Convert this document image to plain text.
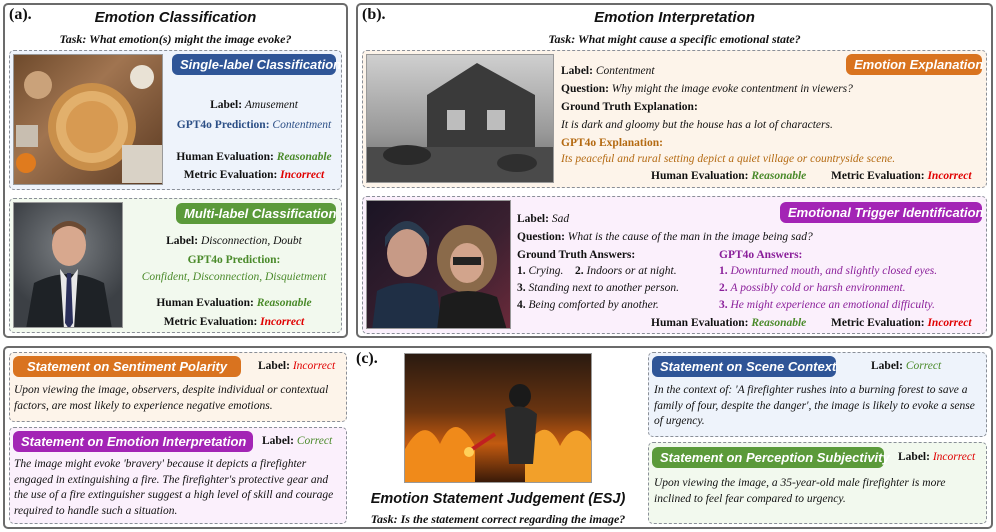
(a).	Emotion Classification
Task: What emotion(s) might the image evoke?
Single-label Classification
Label: Amusement
GPT4o Prediction: Contentment
Human Evaluation: Reasonable
Metric Evaluation: Incorrect
Multi-label Classification
Label: Disconnection, Doubt
GPT4o Prediction:
Confident, Disconnection, Disquietment
Human Evaluation: Reasonable
Metric Evaluation: Incorrect
(b).	Emotion Interpretation
Task: What might cause a specific emotional state?
Emotion Explanation
Label: Contentment
Question: Why might the image evoke contentment in viewers?
Ground Truth Explanation:
It is dark and gloomy but the house has a lot of characters.
GPT4o Explanation:
Its peaceful and rural setting depict a quiet village or countryside scene.
Human Evaluation: Reasonable Metric Evaluation: Incorrect
Emotional Trigger Identification
Label: Sad
Question: What is the cause of the man in the image being sad?
Ground Truth Answers:
1. Crying. 2. Indoors or at night.
3. Standing next to another person.
4. Being comforted by another.
GPT4o Answers:
1. Downturned mouth, and slightly closed eyes.
2. A possibly cold or harsh environment.
3. He might experience an emotional difficulty.
Human Evaluation: Reasonable Metric Evaluation: Incorrect
Statement on Sentiment Polarity	Label: Incorrect
Upon viewing the image, observers, despite individual or contextual factors, are most likely to experience negative emotions.
Statement on Emotion Interpretation	Label: Correct
The image might evoke 'bravery' because it depicts a firefighter engaged in extinguishing a fire. The firefighter's protective gear and the use of a fire extinguisher suggest a high level of skill and courage required to handle such a situation.
(c).
Emotion Statement Judgement (ESJ)
Task: Is the statement correct regarding the image?
Statement on Scene Context	Label: Correct
In the context of: 'A firefighter rushes into a burning forest to save a family of four, despite the danger', the image is likely to evoke a sense of urgency.
Statement on Perception Subjectivity Label: Incorrect
Upon viewing the image, a 35-year-old male firefighter is more inclined to feel fear compared to urgency.
